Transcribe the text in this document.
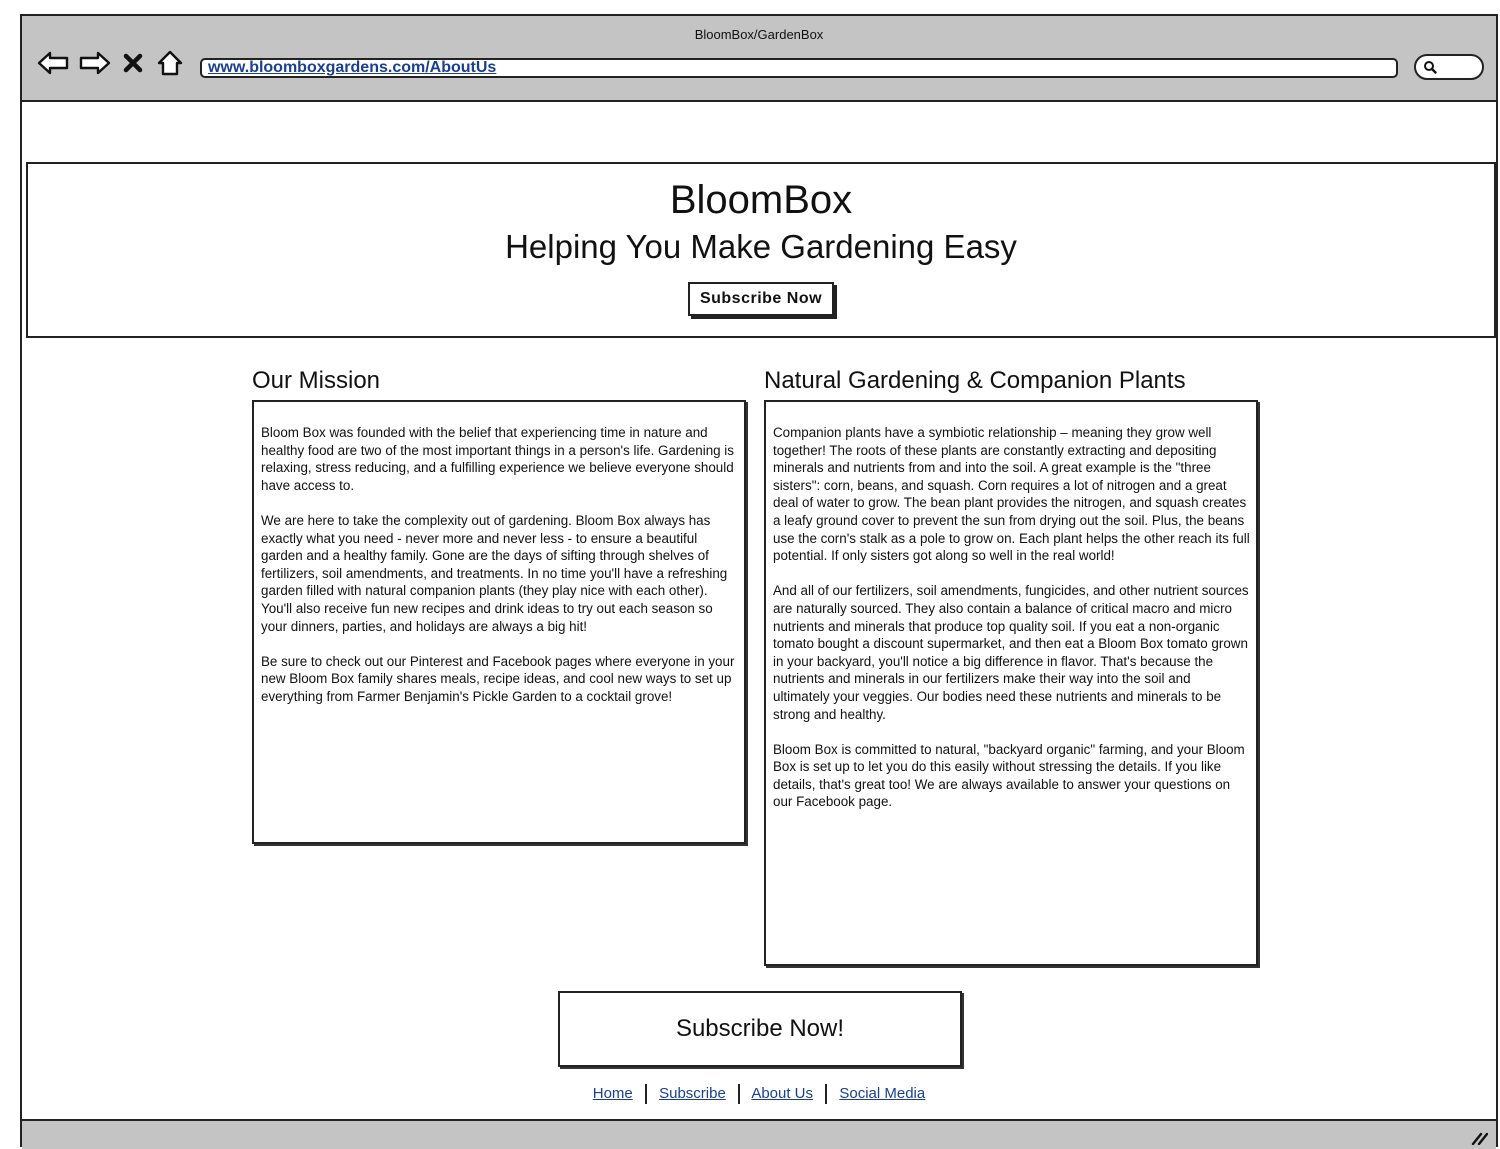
BloomBox/GardenBox
www.bloomboxgardens.com/AboutUs
BloomBox
Helping You Make Gardening Easy
Subscribe Now
Our Mission

Bloom Box was founded with the belief that experiencing time in nature and healthy food are two of the most important things in a person's life. Gardening is relaxing, stress reducing, and a fulfilling experience we believe everyone should have access to.

We are here to take the complexity out of gardening. Bloom Box always has exactly what you need - never more and never less - to ensure a beautiful garden and a healthy family. Gone are the days of sifting through shelves of fertilizers, soil amendments, and treatments. In no time you'll have a refreshing garden filled with natural companion plants (they play nice with each other). You'll also receive fun new recipes and drink ideas to try out each season so your dinners, parties, and holidays are always a big hit!

Be sure to check out our Pinterest and Facebook pages where everyone in your new Bloom Box family shares meals, recipe ideas, and cool new ways to set up everything from Farmer Benjamin's Pickle Garden to a cocktail grove!

Natural Gardening & Companion Plants

Companion plants have a symbiotic relationship – meaning they grow well together! The roots of these plants are constantly extracting and depositing minerals and nutrients from and into the soil. A great example is the "three sisters": corn, beans, and squash. Corn requires a lot of nitrogen and a great deal of water to grow. The bean plant provides the nitrogen, and squash creates a leafy ground cover to prevent the sun from drying out the soil. Plus, the beans use the corn's stalk as a pole to grow on. Each plant helps the other reach its full potential. If only sisters got along so well in the real world!

And all of our fertilizers, soil amendments, fungicides, and other nutrient sources are naturally sourced. They also contain a balance of critical macro and micro nutrients and minerals that produce top quality soil. If you eat a non-organic tomato bought a discount supermarket, and then eat a Bloom Box tomato grown in your backyard, you'll notice a big difference in flavor. That's because the nutrients and minerals in our fertilizers make their way into the soil and ultimately your veggies. Our bodies need these nutrients and minerals to be strong and healthy.

Bloom Box is committed to natural, "backyard organic" farming, and your Bloom Box is set up to let you do this easily without stressing the details. If you like details, that's great too! We are always available to answer your questions on our Facebook page.

Subscribe Now!
Home Subscribe About Us Social Media
